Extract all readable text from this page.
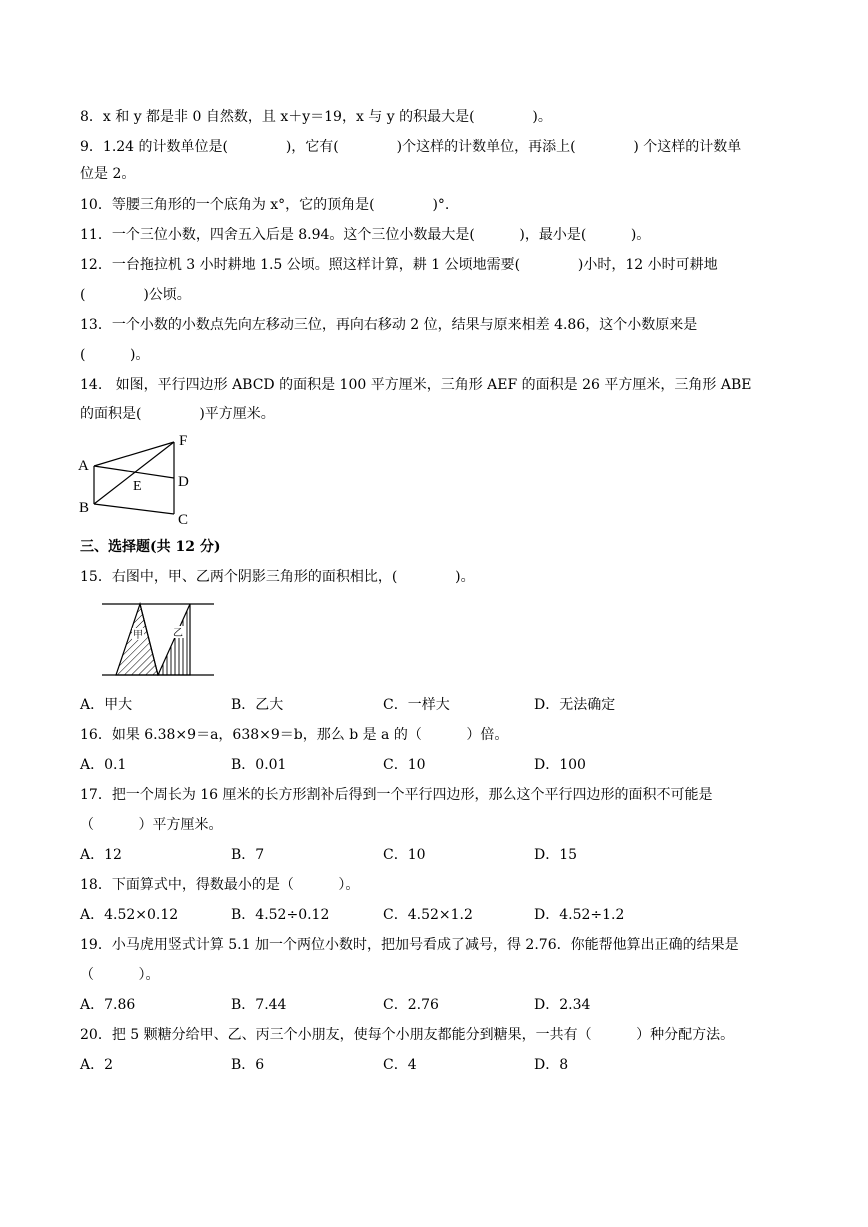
8．x 和 y 都是非 0 自然数，且 x＋y＝19，x 与 y 的积最大是(             )。
9．1.24 的计数单位是(             )，它有(             )个这样的计数单位，再添上(             ) 个这样的计数单
位是 2。
10．等腰三角形的一个底角为 x°，它的顶角是(             )°.
11．一个三位小数，四舍五入后是 8.94。这个三位小数最大是(          )，最小是(          )。
12．一台拖拉机 3 小时耕地 1.5 公顷。照这样计算，耕 1 公顷地需要(             )小时，12 小时可耕地
(             )公顷。
13．一个小数的小数点先向左移动三位，再向右移动 2 位，结果与原来相差 4.86，这个小数原来是
(          )。
14.   如图，平行四边形 ABCD 的面积是 100 平方厘米，三角形 AEF 的面积是 26 平方厘米，三角形 ABE
的面积是(             )平方厘米。
F
A
E D
B
C
三、选择题(共 12 分)
15．右图中，甲、乙两个阴影三角形的面积相比，(             )。
甲	乙
A．甲大	B．乙大	C．一样大	D．无法确定
16．如果 6.38×9＝a，638×9＝b，那么 b 是 a 的（          ）倍。
A．0.1	B．0.01	C．10	D．100
17．把一个周长为 16 厘米的长方形割补后得到一个平行四边形，那么这个平行四边形的面积不可能是
（          ）平方厘米。
A．12	B．7	C．10	D．15
18．下面算式中，得数最小的是（          ）。
A．4.52×0.12	B．4.52÷0.12	C．4.52×1.2	D．4.52÷1.2
19．小马虎用竖式计算 5.1 加一个两位小数时，把加号看成了减号，得 2.76．你能帮他算出正确的结果是
（          ）。
A．7.86	B．7.44	C．2.76	D．2.34
20．把 5 颗糖分给甲、乙、丙三个小朋友，使每个小朋友都能分到糖果，一共有（          ）种分配方法。
A．2	B．6	C．4	D．8
